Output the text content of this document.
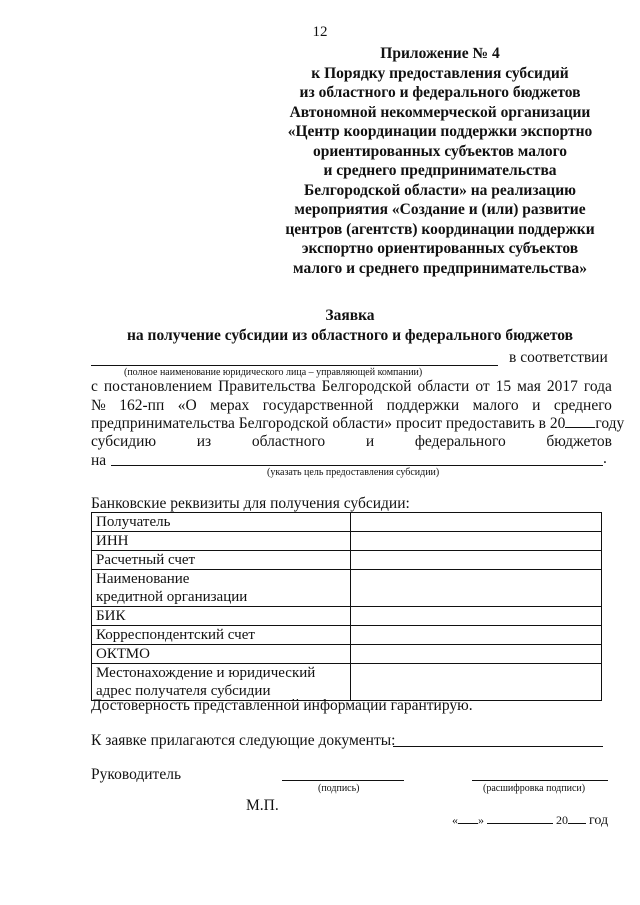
12
Приложение № 4
к Порядку предоставления субсидий
из областного и федерального бюджетов
Автономной некоммерческой организации
«Центр координации поддержки экспортно
ориентированных субъектов малого
и среднего предпринимательства
Белгородской области» на реализацию
мероприятия «Создание и (или) развитие
центров (агентств) координации поддержки
экспортно ориентированных субъектов
малого и среднего предпринимательства»
Заявка
на получение субсидии из областного и федерального бюджетов
в соответствии
(полное наименование юридического лица – управляющей компании)
с постановлением Правительства Белгородской области от 15 мая 2017 года
№ 162-пп «О мерах государственной поддержки малого и среднего
предпринимательства Белгородской области» просит предоставить в 20 году
субсидию	из	областного	и	федерального	бюджетов
на	.
(указать цель предоставления субсидии)
Банковские реквизиты для получения субсидии:
Получатель	

ИНН	

Расчетный счет	

Наименование
кредитной организации	

БИК	

Корреспондентский счет	

ОКТМО	

Местонахождение и юридический
адрес получателя субсидии	

Достоверность представленной информации гарантирую.
К заявке прилагаются следующие документы:
Руководитель
(подпись)	(расшифровка подписи)
М.П.
« »	20 год
